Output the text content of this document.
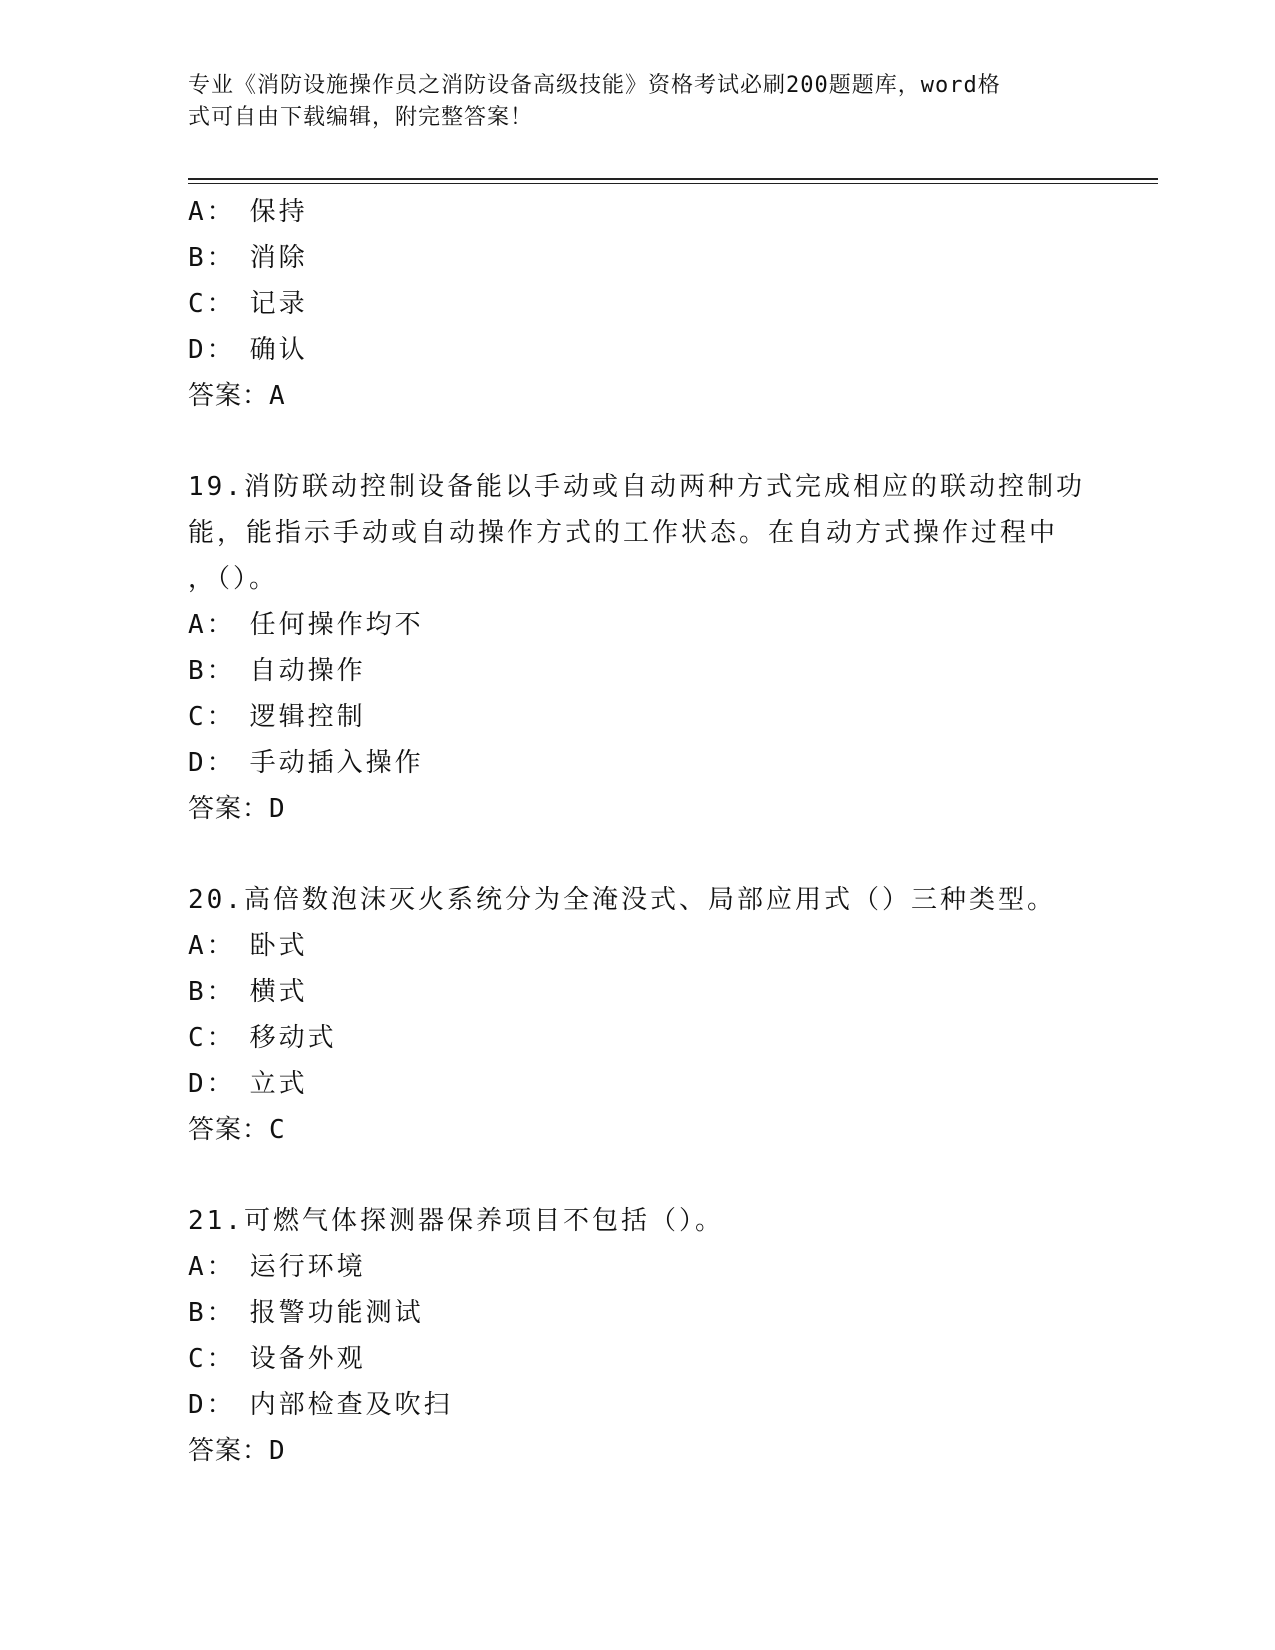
专业《消防设施操作员之消防设备高级技能》资格考试必刷200题题库，word格
式可自由下载编辑，附完整答案！
A： 保持
B： 消除
C： 记录
D： 确认
答案：A
19.消防联动控制设备能以手动或自动两种方式完成相应的联动控制功
能，能指示手动或自动操作方式的工作状态。在自动方式操作过程中
，（）。
A： 任何操作均不
B： 自动操作
C： 逻辑控制
D： 手动插入操作
答案：D
20.高倍数泡沫灭火系统分为全淹没式、局部应用式（）三种类型。
A： 卧式
B： 横式
C： 移动式
D： 立式
答案：C
21.可燃气体探测器保养项目不包括（）。
A： 运行环境
B： 报警功能测试
C： 设备外观
D： 内部检查及吹扫
答案：D
